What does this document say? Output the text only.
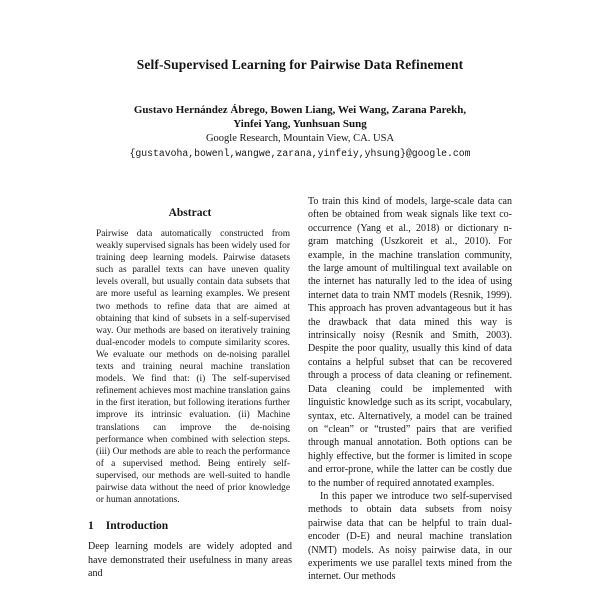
Self-Supervised Learning for Pairwise Data Refinement
Gustavo Hernández Ábrego, Bowen Liang, Wei Wang, Zarana Parekh,
Yinfei Yang, Yunhsuan Sung
Google Research, Mountain View, CA. USA
{gustavoha,bowenl,wangwe,zarana,yinfeiy,yhsung}@google.com
Abstract
Pairwise data automatically constructed from weakly supervised signals has been widely used for training deep learning models. Pairwise datasets such as parallel texts can have uneven quality levels overall, but usually contain data subsets that are more useful as learning examples. We present two methods to refine data that are aimed at obtaining that kind of subsets in a self-supervised way. Our methods are based on iteratively training dual-encoder models to compute similarity scores. We evaluate our methods on de-noising parallel texts and training neural machine translation models. We find that: (i) The self-supervised refinement achieves most machine translation gains in the first iteration, but following iterations further improve its intrinsic evaluation. (ii) Machine translations can improve the de-noising performance when combined with selection steps. (iii) Our methods are able to reach the performance of a supervised method. Being entirely self-supervised, our methods are well-suited to handle pairwise data without the need of prior knowledge or human annotations.
1 Introduction
Deep learning models are widely adopted and have demonstrated their usefulness in many areas and

To train this kind of models, large-scale data can often be obtained from weak signals like text co-occurrence (Yang et al., 2018) or dictionary n-gram matching (Uszkoreit et al., 2010). For example, in the machine translation community, the large amount of multilingual text available on the internet has naturally led to the idea of using internet data to train NMT models (Resnik, 1999). This approach has proven advantageous but it has the drawback that data mined this way is intrinsically noisy (Resnik and Smith, 2003). Despite the poor quality, usually this kind of data contains a helpful subset that can be recovered through a process of data cleaning or refinement. Data cleaning could be implemented with linguistic knowledge such as its script, vocabulary, syntax, etc. Alternatively, a model can be trained on “clean” or “trusted” pairs that are verified through manual annotation. Both options can be highly effective, but the former is limited in scope and error-prone, while the latter can be costly due to the number of required annotated examples.

In this paper we introduce two self-supervised methods to obtain data subsets from noisy pairwise data that can be helpful to train dual-encoder (D-E) and neural machine translation (NMT) models. As noisy pairwise data, in our experiments we use parallel texts mined from the internet. Our methods
